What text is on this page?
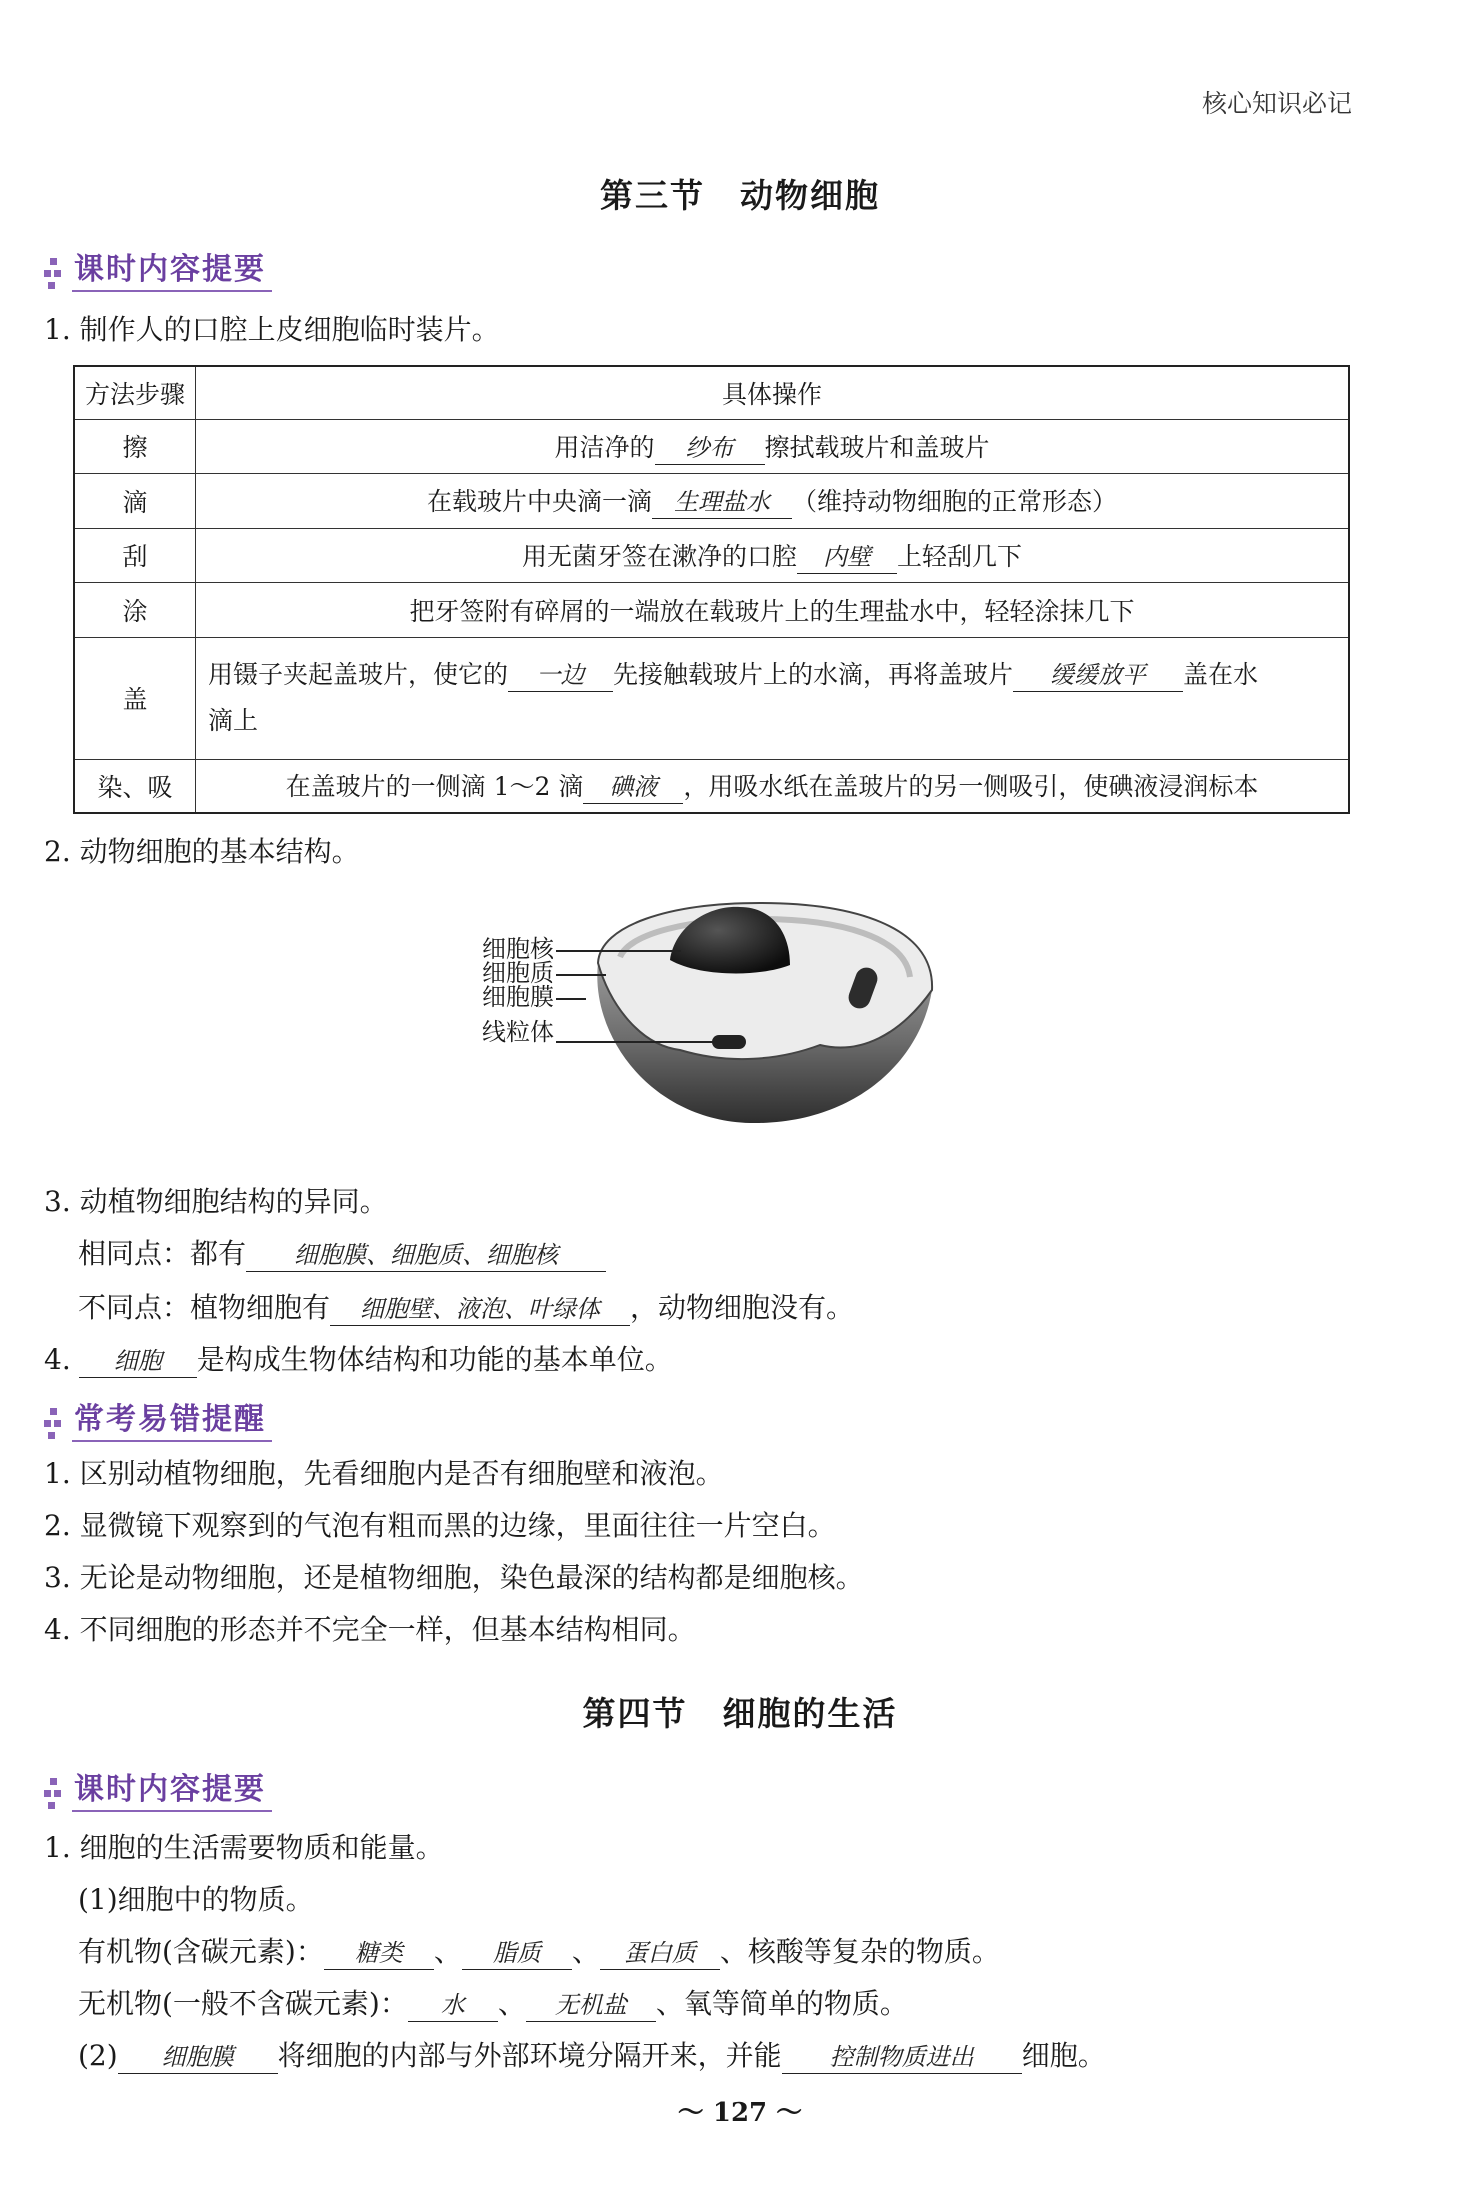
核心知识必记
第三节　动物细胞
课时内容提要
1. 制作人的口腔上皮细胞临时装片。
方法步骤	具体操作
擦	用洁净的 纱布 擦拭载玻片和盖玻片
滴	在载玻片中央滴一滴 生理盐水 （维持动物细胞的正常形态）
刮	用无菌牙签在漱净的口腔 内壁 上轻刮几下
涂	把牙签附有碎屑的一端放在载玻片上的生理盐水中，轻轻涂抹几下
盖	用镊子夹起盖玻片，使它的 一边 先接触载玻片上的水滴，再将盖玻片 缓缓放平 盖在水
滴上
染、吸	在盖玻片的一侧滴 1～2 滴 碘液 ，用吸水纸在盖玻片的另一侧吸引，使碘液浸润标本
2. 动物细胞的基本结构。
细胞核
细胞质
细胞膜
线粒体
3. 动植物细胞结构的异同。
相同点：都有 细胞膜、细胞质、细胞核
不同点：植物细胞有 细胞壁、液泡、叶绿体 ，动物细胞没有。
4. 细胞 是构成生物体结构和功能的基本单位。
常考易错提醒
1. 区别动植物细胞，先看细胞内是否有细胞壁和液泡。
2. 显微镜下观察到的气泡有粗而黑的边缘，里面往往一片空白。
3. 无论是动物细胞，还是植物细胞，染色最深的结构都是细胞核。
4. 不同细胞的形态并不完全一样，但基本结构相同。
第四节　细胞的生活
课时内容提要
1. 细胞的生活需要物质和能量。
(1)细胞中的物质。
有机物(含碳元素)： 糖类 、 脂质 、 蛋白质 、核酸等复杂的物质。
无机物(一般不含碳元素)： 水 、 无机盐 、氧等简单的物质。
(2) 细胞膜 将细胞的内部与外部环境分隔开来，并能 控制物质进出 细胞。
～ 127 ～
